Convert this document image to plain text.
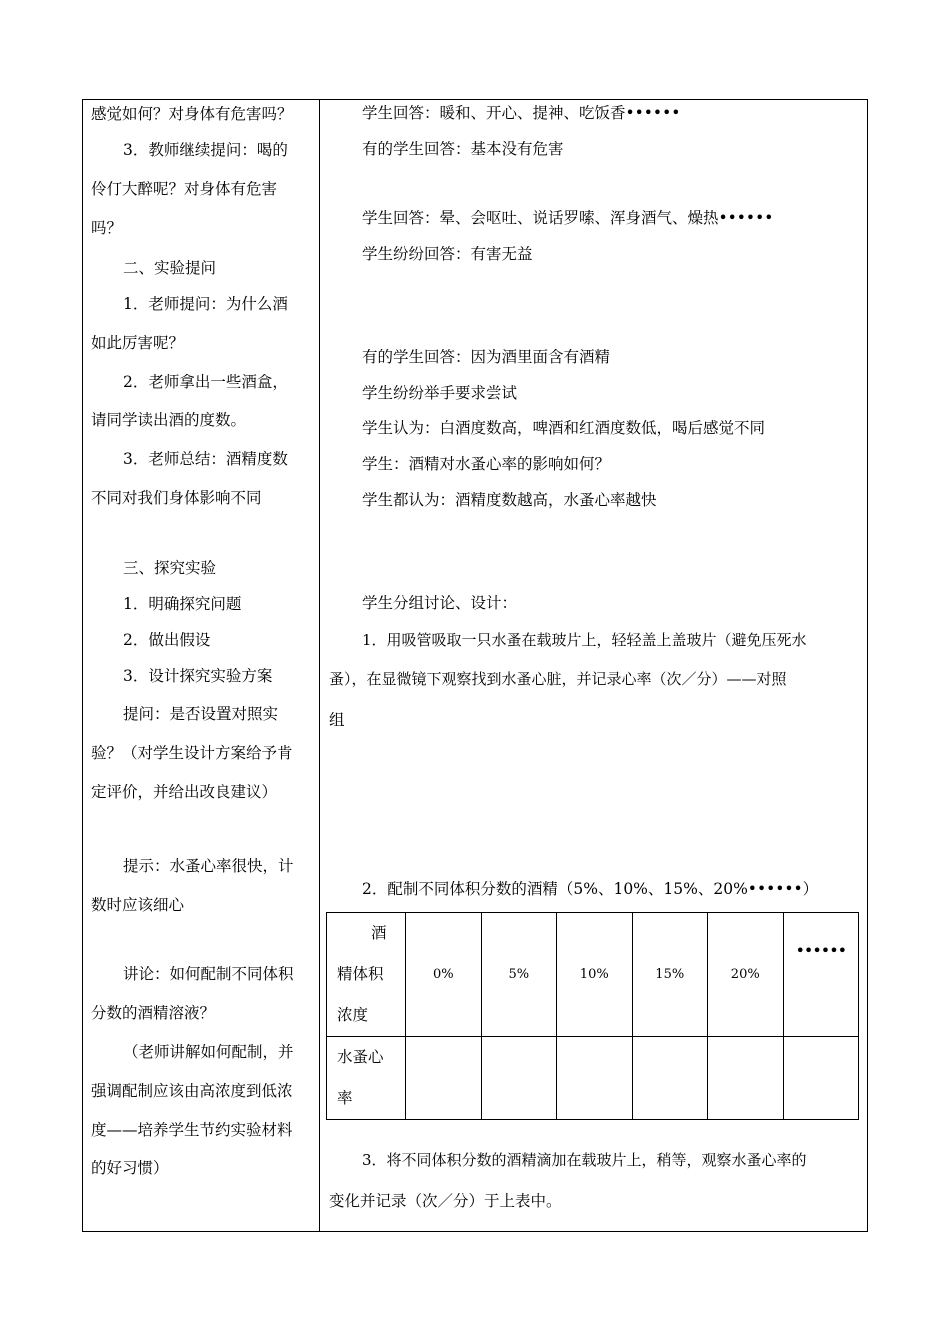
感觉如何？对身体有危害吗？
3．教师继续提问：喝的
伶仃大醉呢？对身体有危害
吗？
二、实验提问
1．老师提问：为什么酒
如此厉害呢？
2．老师拿出一些酒盒，
请同学读出酒的度数。
3．老师总结：酒精度数
不同对我们身体影响不同
三、探究实验
1．明确探究问题
2．做出假设
3．设计探究实验方案
提问：是否设置对照实
验？（对学生设计方案给予肯
定评价，并给出改良建议）
提示：水蚤心率很快，计
数时应该细心
讲论：如何配制不同体积
分数的酒精溶液？
（老师讲解如何配制，并
强调配制应该由高浓度到低浓
度——培养学生节约实验材料
的好习惯）
学生回答：暖和、开心、提神、吃饭香••••••
有的学生回答：基本没有危害
学生回答：晕、会呕吐、说话罗嗦、浑身酒气、燥热••••••
学生纷纷回答：有害无益
有的学生回答：因为酒里面含有酒精
学生纷纷举手要求尝试
学生认为：白酒度数高，啤酒和红酒度数低，喝后感觉不同
学生：酒精对水蚤心率的影响如何？
学生都认为：酒精度数越高，水蚤心率越快
学生分组讨论、设计：
1．用吸管吸取一只水蚤在载玻片上，轻轻盖上盖玻片（避免压死水
蚤），在显微镜下观察找到水蚤心脏，并记录心率（次／分）——对照
组
2．配制不同体积分数的酒精（5%、10%、15%、20%••••••）
3．将不同体积分数的酒精滴加在载玻片上，稍等，观察水蚤心率的
变化并记录（次／分）于上表中。
酒
精体积
浓度	0%	5%	10%	15%	20%	••••••

水蚤心
率						
